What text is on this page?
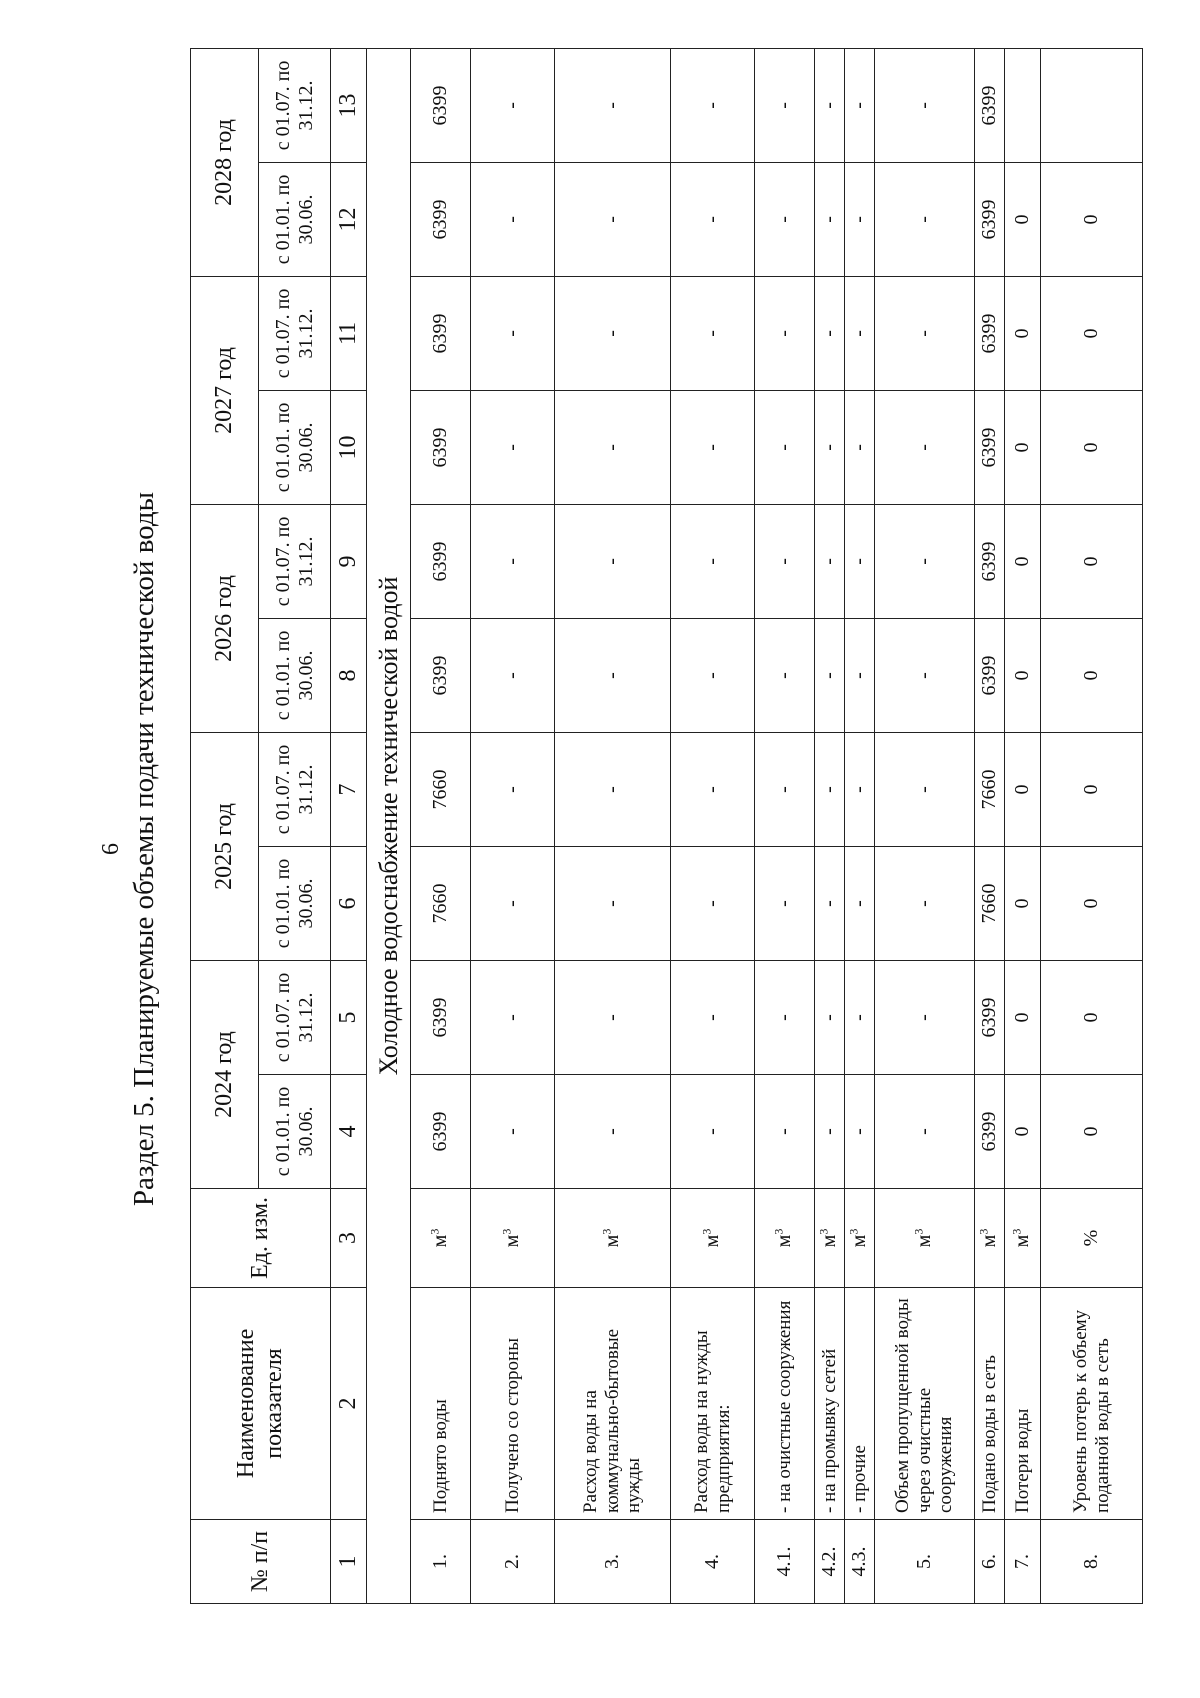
6 Раздел 5. Планируемые объемы подачи технической воды
№ п/п	Наименование показателя	Ед. изм.	2024 год		2025 год		2026 год		2027 год		2028 год	
			с 01.01. по 30.06.	с 01.07. по 31.12.	с 01.01. по 30.06.	с 01.07. по 31.12.	с 01.01. по 30.06.	с 01.07. по 31.12.	с 01.01. по 30.06.	с 01.07. по 31.12.	с 01.01. по 30.06.	с 01.07. по 31.12.
1	2	3	4	5	6	7	8	9	10	11	12	13
Холодное водоснабжение технической водой												
1.	Поднято воды	$м^3$	6399	6399	7660	7660	6399	6399	6399	6399	6399	6399
2.	Получено со стороны	$м^3$	-	-	-	-	-	-	-	-	-	-
3.	Расход воды на коммунально-бытовые нужды	$м^3$	-	-	-	-	-	-	-	-	-	-
4.	Расход воды на нужды предприятия:	$м^3$	-	-	-	-	-	-	-	-	-	-
4.1.	- на очистные сооружения	$м^3$	-	-	-	-	-	-	-	-	-	-
4.2.	- на промывку сетей	$м^3$	-	-	-	-	-	-	-	-	-	-
4.3.	- прочие	$м^3$	-	-	-	-	-	-	-	-	-	-
5.	Объем пропущенной воды через очистные сооружения	$м^3$	-	-	-	-	-	-	-	-	-	-
6.	Подано воды в сеть	$м^3$	6399	6399	7660	7660	6399	6399	6399	6399	6399	6399
7.	Потери воды	$м^3$	0	0	0	0	0	0	0	0	0	
8.	Уровень потерь к объему поданной воды в сеть	%	0	0	0	0	0	0	0	0	0	
